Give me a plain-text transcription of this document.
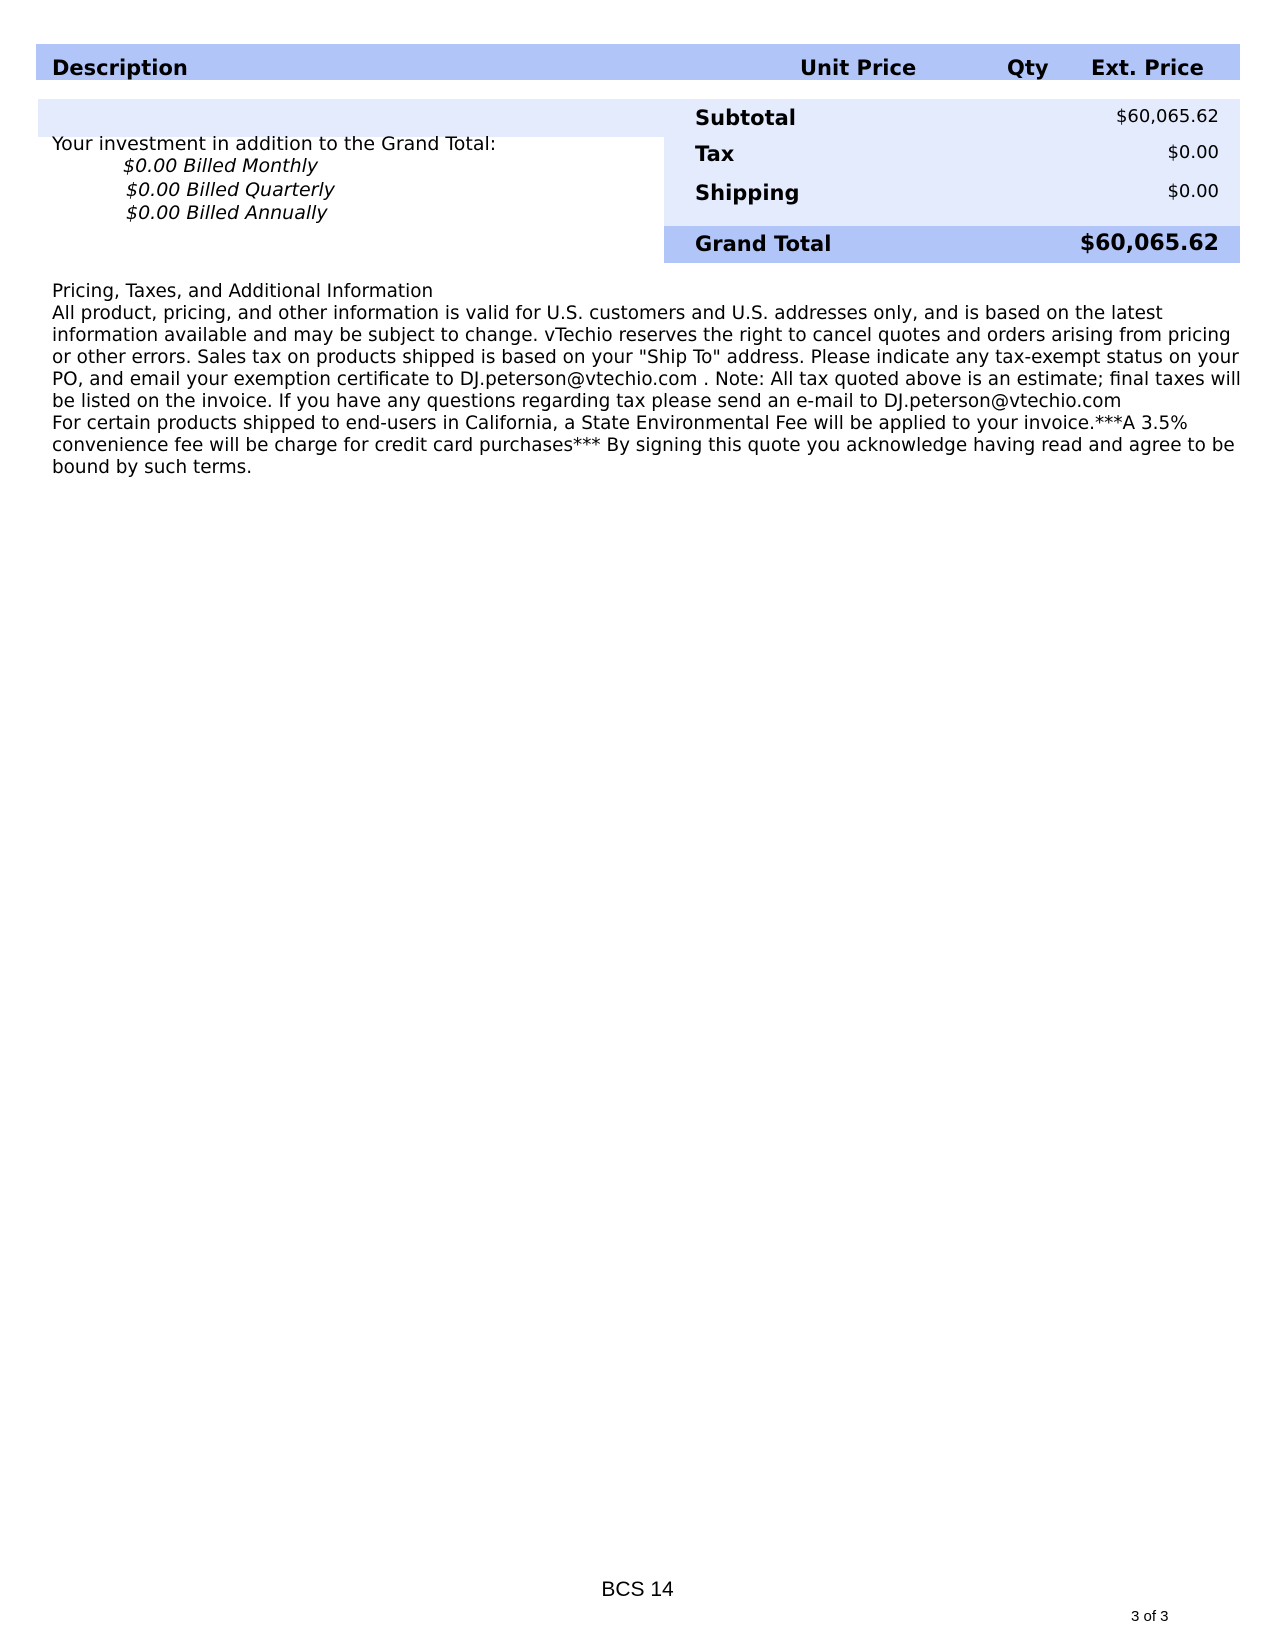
Description	Unit Price	Qty Ext. Price
Subtotal	$60,065.62
Tax	$0.00
Shipping	$0.00
Grand Total	$60,065.62
Your investment in addition to the Grand Total:
$0.00 Billed Monthly
$0.00 Billed Quarterly
$0.00 Billed Annually

Pricing, Taxes, and Additional Information

All product, pricing, and other information is valid for U.S. customers and U.S. addresses only, and is based on the latest information available and may be subject to change. vTechio reserves the right to cancel quotes and orders arising from pricing or other errors. Sales tax on products shipped is based on your "Ship To" address. Please indicate any tax-exempt status on your PO, and email your exemption certificate to DJ.peterson@vtechio.com . Note: All tax quoted above is an estimate; final taxes will be listed on the invoice. If you have any questions regarding tax please send an e-mail to DJ.peterson@vtechio.com

For certain products shipped to end-users in California, a State Environmental Fee will be applied to your invoice.***A 3.5% convenience fee will be charge for credit card purchases*** By signing this quote you acknowledge having read and agree to be bound by such terms.

BCS 14
3 of 3
